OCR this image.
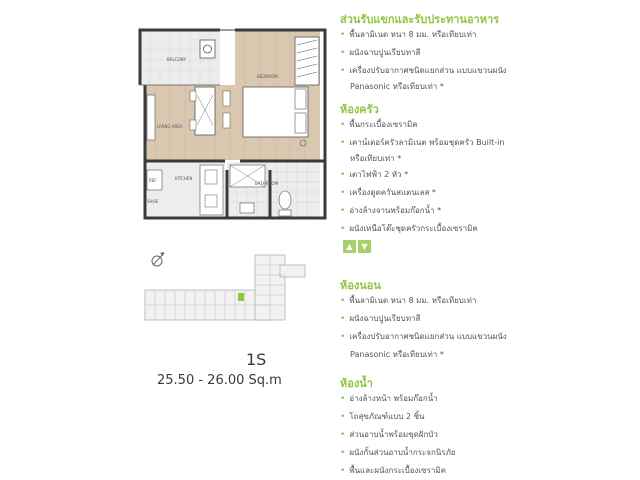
BALCONY
BEDROOM
LIVING AREA
KITCHEN
BATHROOM
REF
SHOE
1S
25.50 - 26.00 Sq.m
ส่วนรับแขกและรับประทานอาหาร
• พื้นลามิเนต หนา 8 มม. หรือเทียบเท่า
• ผนังฉาบปูนเรียบทาสี
• เครื่องปรับอากาศชนิดแยกส่วน แบบแขวนผนัง
Panasonic หรือเทียบเท่า *
ห้องครัว
• พื้นกระเบื้องเซรามิค
• เคาน์เตอร์ครัวลามิเนต พร้อมชุดครัว Built-in
หรือเทียบเท่า *
• เตาไฟฟ้า 2 หัว *
• เครื่องดูดควันสแตนเลส *
• อ่างล้างจานพร้อมก๊อกน้ำ *
• ผนังเหนือโต๊ะชุดครัวกระเบื้องเซรามิค
▲	▼
ห้องนอน
• พื้นลามิเนต หนา 8 มม. หรือเทียบเท่า
• ผนังฉาบปูนเรียบทาสี
• เครื่องปรับอากาศชนิดแยกส่วน แบบแขวนผนัง
Panasonic หรือเทียบเท่า *
ห้องน้ำ
• อ่างล้างหน้า พร้อมก๊อกน้ำ
• โถสุขภัณฑ์แบบ 2 ชิ้น
• ส่วนอาบน้ำพร้อมชุดฝักบัว
• ผนังกั้นส่วนอาบน้ำกระจกนิรภัย
• พื้นและผนังกระเบื้องเซรามิค
